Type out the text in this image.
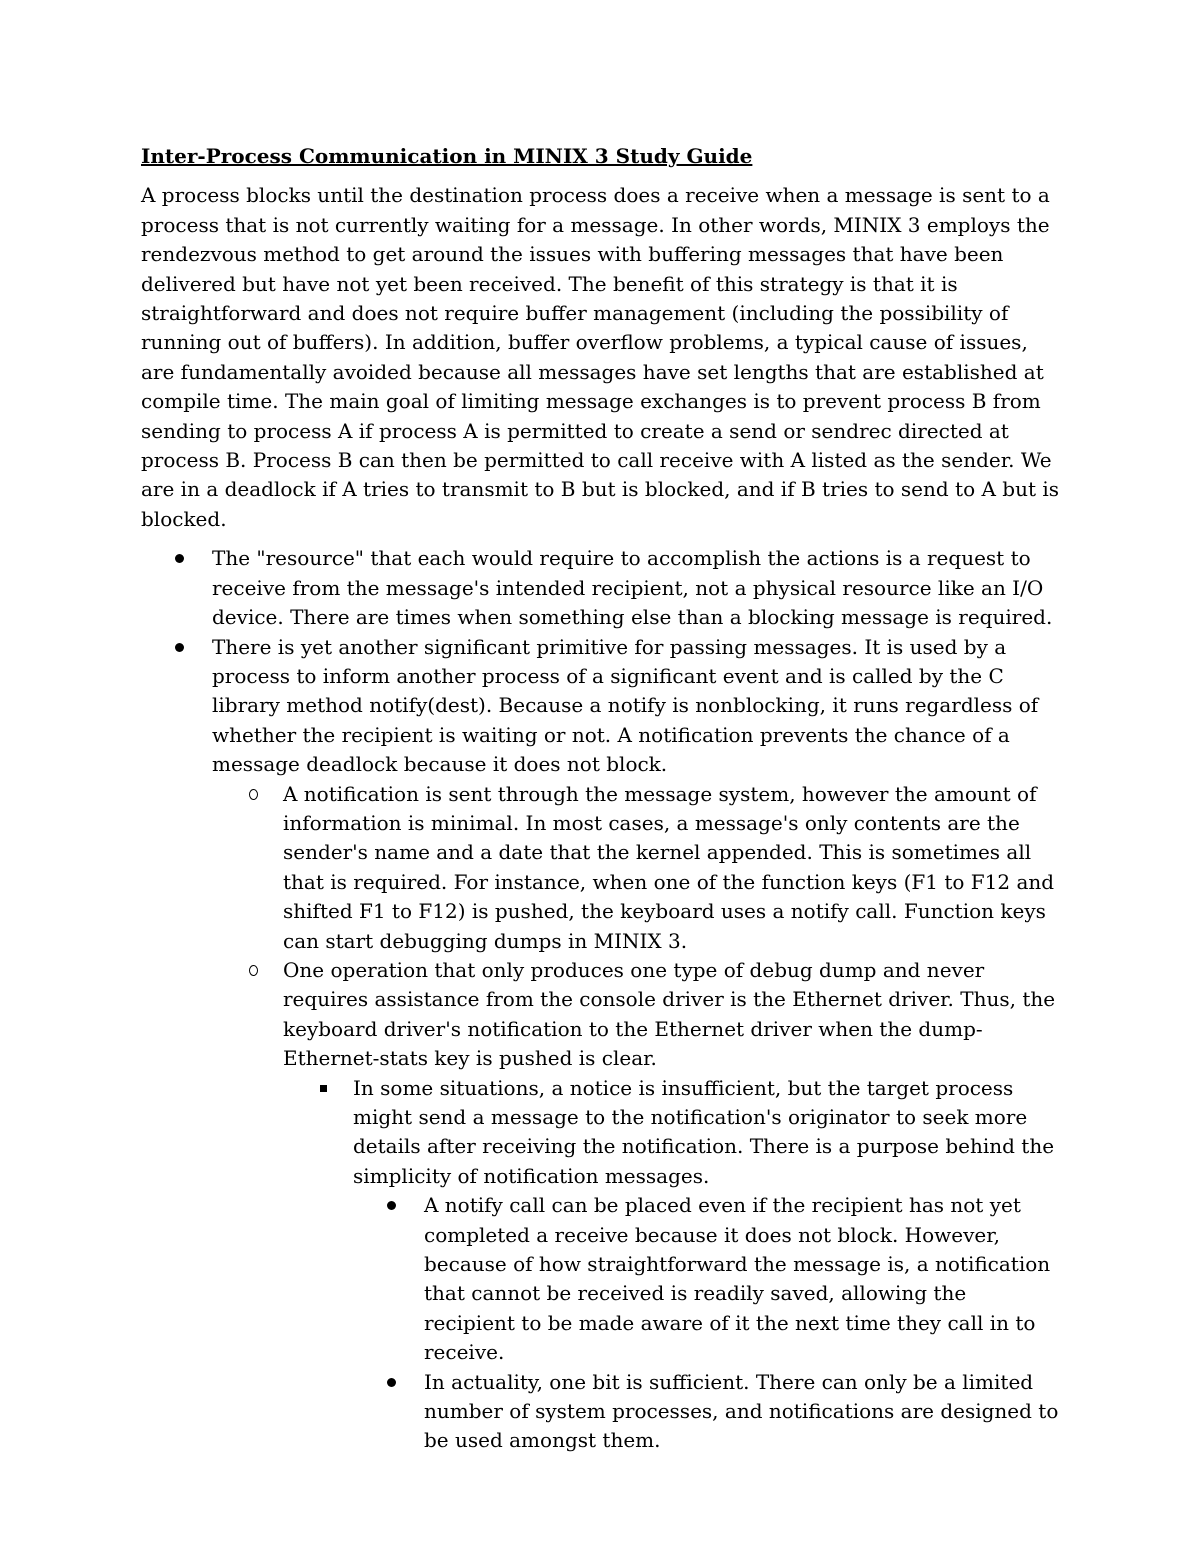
Inter-Process Communication in MINIX 3 Study Guide
A process blocks until the destination process does a receive when a message is sent to a process that is not currently waiting for a message. In other words, MINIX 3 employs the rendezvous method to get around the issues with buffering messages that have been delivered but have not yet been received. The benefit of this strategy is that it is straightforward and does not require buffer management (including the possibility of running out of buffers). In addition, buffer overflow problems, a typical cause of issues, are fundamentally avoided because all messages have set lengths that are established at compile time. The main goal of limiting message exchanges is to prevent process B from sending to process A if process A is permitted to create a send or sendrec directed at process B. Process B can then be permitted to call receive with A listed as the sender. We are in a deadlock if A tries to transmit to B but is blocked, and if B tries to send to A but is blocked.
The "resource" that each would require to accomplish the actions is a request to receive from the message's intended recipient, not a physical resource like an I/O device. There are times when something else than a blocking message is required.
There is yet another significant primitive for passing messages. It is used by a process to inform another process of a significant event and is called by the C library method notify(dest). Because a notify is nonblocking, it runs regardless of whether the recipient is waiting or not. A notification prevents the chance of a message deadlock because it does not block.
A notification is sent through the message system, however the amount of information is minimal. In most cases, a message's only contents are the sender's name and a date that the kernel appended. This is sometimes all that is required. For instance, when one of the function keys (F1 to F12 and shifted F1 to F12) is pushed, the keyboard uses a notify call. Function keys can start debugging dumps in MINIX 3.
One operation that only produces one type of debug dump and never requires assistance from the console driver is the Ethernet driver. Thus, the keyboard driver's notification to the Ethernet driver when the dump-Ethernet-stats key is pushed is clear.
In some situations, a notice is insufficient, but the target process might send a message to the notification's originator to seek more details after receiving the notification. There is a purpose behind the simplicity of notification messages.
A notify call can be placed even if the recipient has not yet completed a receive because it does not block. However, because of how straightforward the message is, a notification that cannot be received is readily saved, allowing the recipient to be made aware of it the next time they call in to receive.
In actuality, one bit is sufficient. There can only be a limited number of system processes, and notifications are designed to be used amongst them.
